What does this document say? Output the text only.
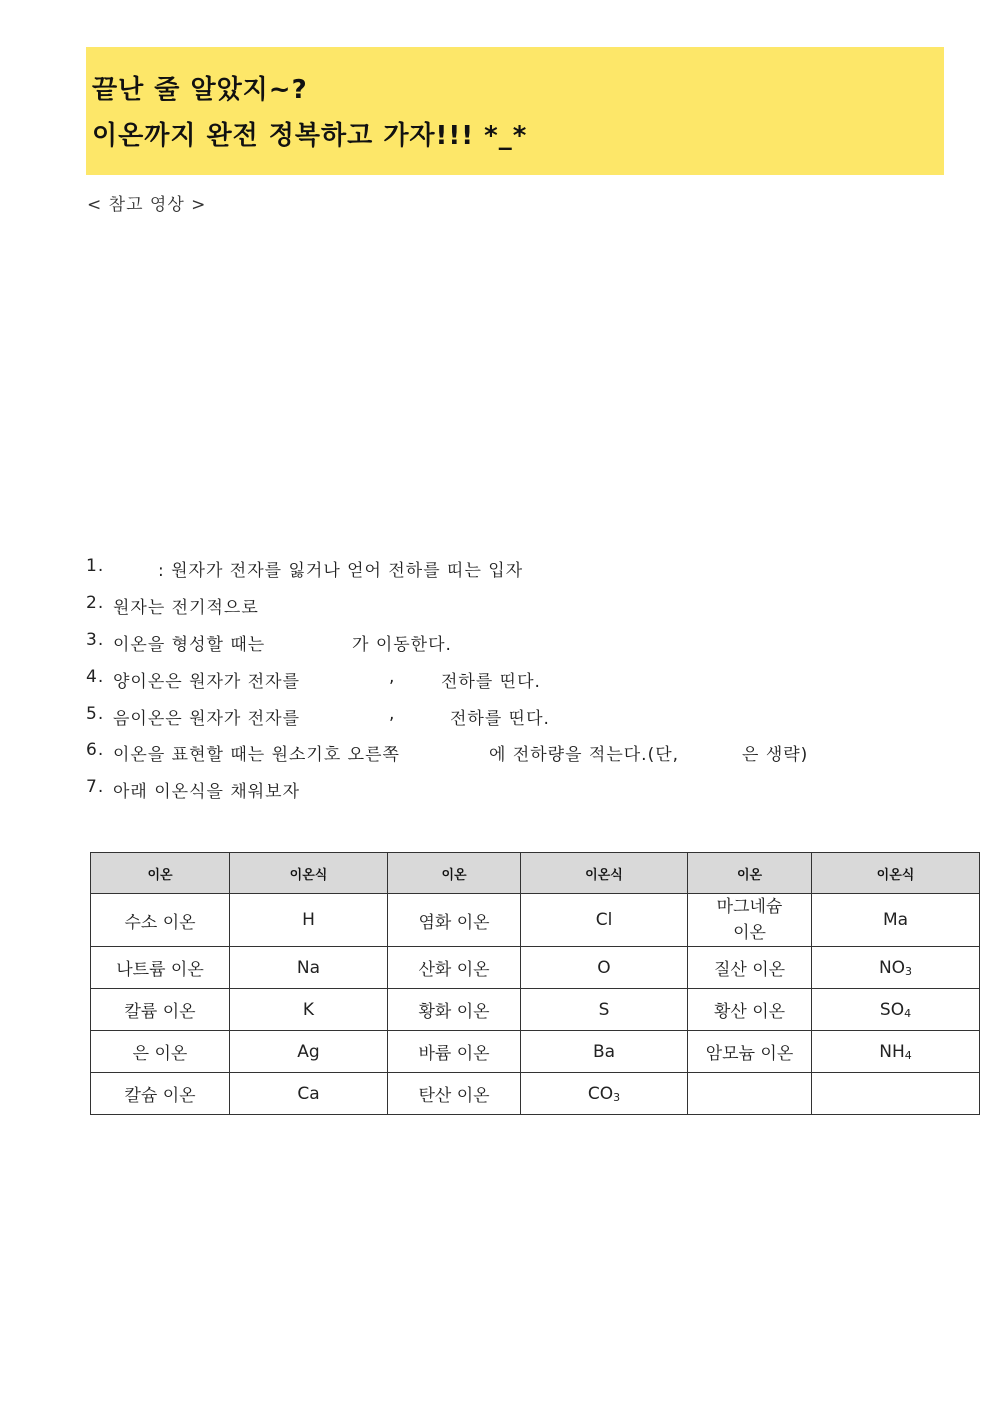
끝난 줄 알았지~?
이온까지 완전 정복하고 가자!!! *_*
< 참고 영상 >
1.	: 원자가 전자를 잃거나 얻어 전하를 띠는 입자
2. 원자는 전기적으로
3. 이온을 형성할 때는	가 이동한다.
4. 양이온은 원자가 전자를	,	전하를 띤다.
5. 음이온은 원자가 전자를	,	전하를 띤다.
6. 이온을 표현할 때는 원소기호 오른쪽	에 전하량을 적는다.(단,	은 생략)
7. 아래 이온식을 채워보자
이온	이온식	이온	이온식	이온	이온식
수소 이온	H	염화 이온	Cl	마그네슘 이온	Ma
나트륨 이온	Na	산화 이온	O	질산 이온	$NO_3$
칼륨 이온	K	황화 이온	S	황산 이온	$SO_4$
은 이온	Ag	바륨 이온	Ba	암모늄 이온	$NH_4$
칼슘 이온	Ca	탄산 이온	$CO_3$		
